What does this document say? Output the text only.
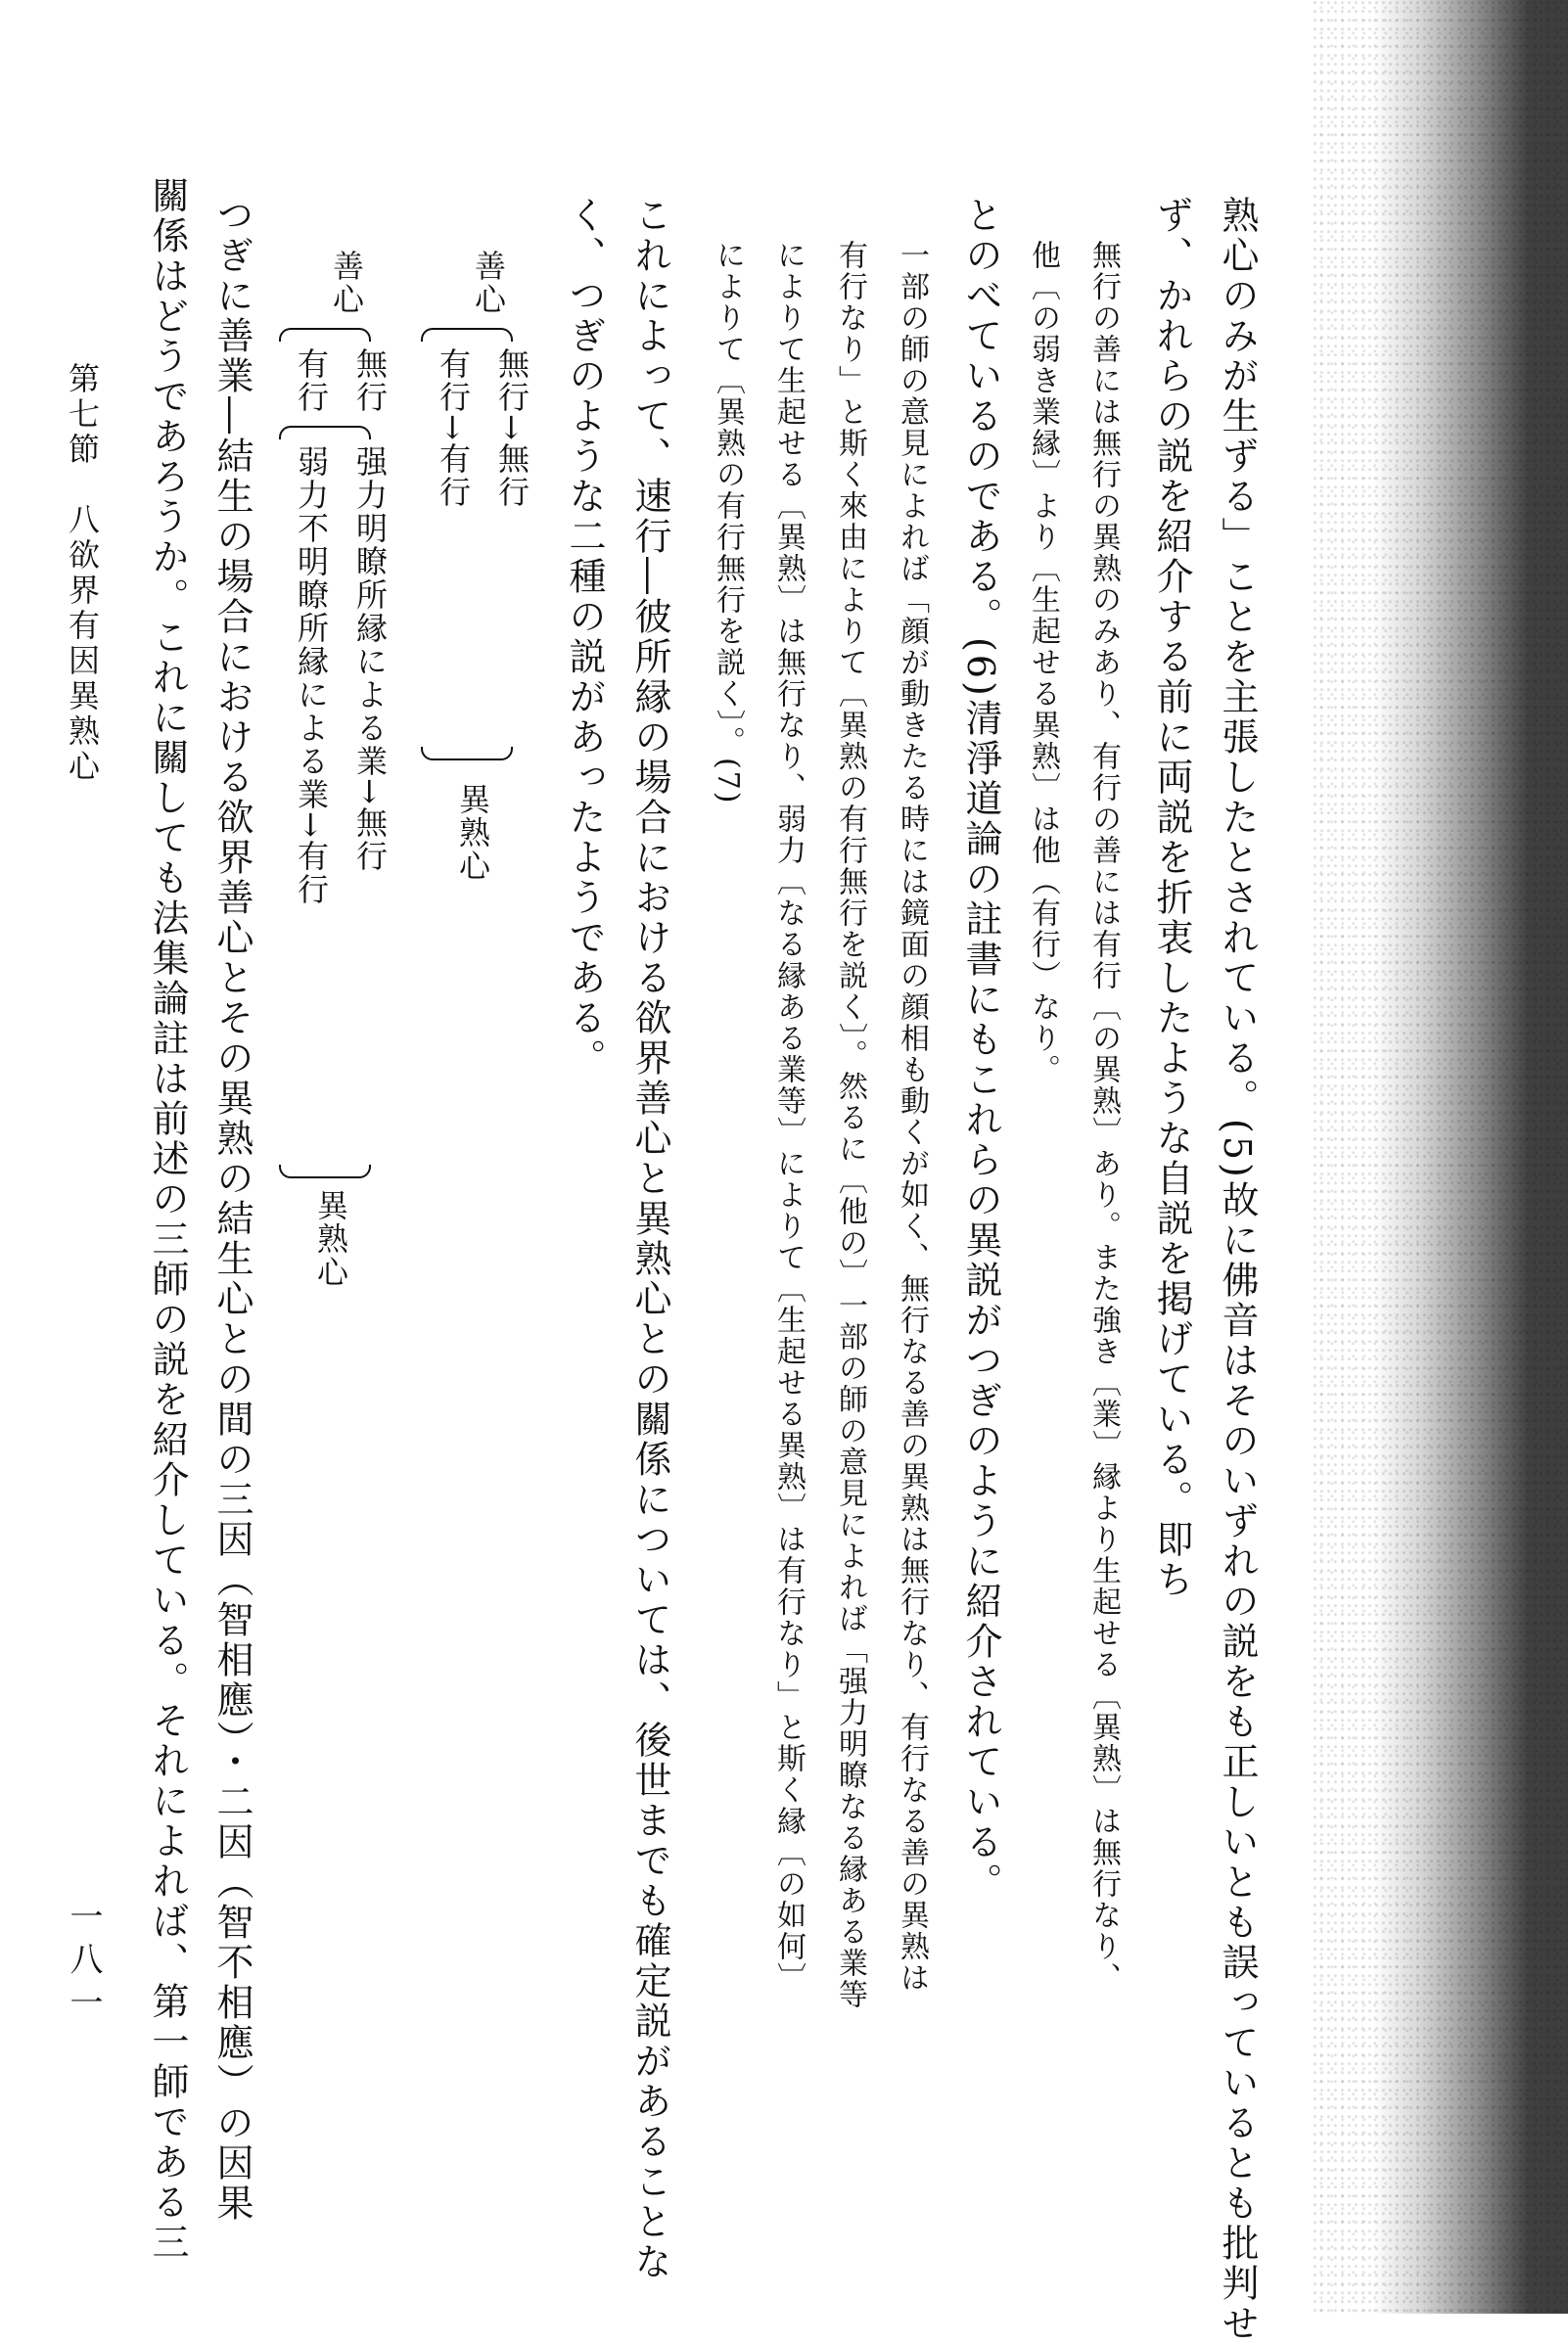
熟心のみが生ずる」ことを主張したとされている。(5)故に佛音はそのいずれの説をも正しいとも誤っているとも批判せ
ず、かれらの説を紹介する前に両説を折衷したような自説を掲げている。即ち
無行の善には無行の異熟のみあり、有行の善には有行〔の異熟〕あり。また強き〔業〕縁より生起せる〔異熟〕は無行なり、
他〔の弱き業縁〕より〔生起せる異熟〕は他（有行）なり。
とのべているのである。(6)清淨道論の註書にもこれらの異説がつぎのように紹介されている。
一部の師の意見によれば「顔が動きたる時には鏡面の顔相も動くが如く、無行なる善の異熟は無行なり、有行なる善の異熟は
有行なり」と斯く來由によりて〔異熟の有行無行を説く〕。然るに〔他の〕一部の師の意見によれば「强力明瞭なる縁ある業等
によりて生起せる〔異熟〕は無行なり、弱力〔なる縁ある業等〕によりて〔生起せる異熟〕は有行なり」と斯く縁〔の如何〕
によりて〔異熟の有行無行を説く〕。(7)
これによって、速行―彼所縁の場合における欲界善心と異熟心との關係については、後世までも確定説があることな
く、つぎのような二種の説があったようである。
善心
無行→無行
有行→有行
異熟心
善心
無行
有行
强力明瞭所縁による業→無行
弱力不明瞭所縁による業→有行
異熟心
つぎに善業―結生の場合における欲界善心とその異熟の結生心との間の三因（智相應）・二因（智不相應）の因果
關係はどうであろうか。これに關しても法集論註は前述の三師の説を紹介している。それによれば、第一師である三
第七節　八欲界有因異熟心
一八一
